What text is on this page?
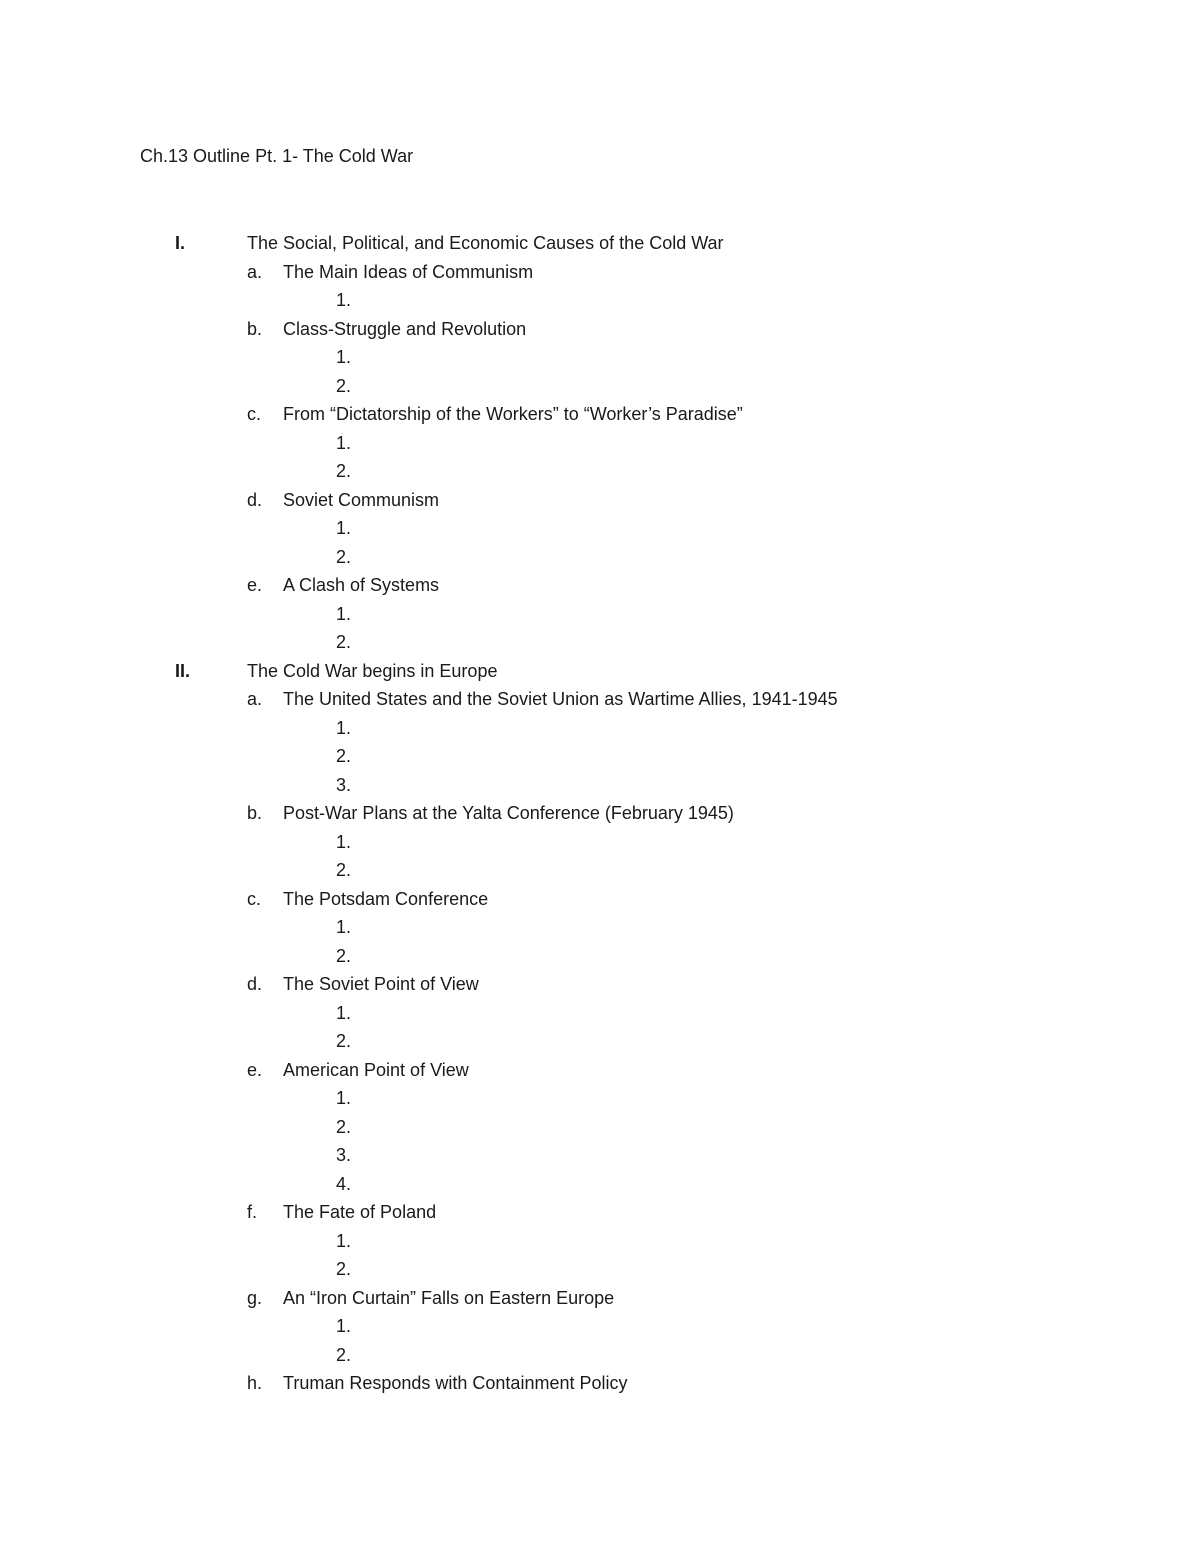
Ch.13 Outline Pt. 1- The Cold War
I.	The Social, Political, and Economic Causes of the Cold War
a. The Main Ideas of Communism
1.
b. Class-Struggle and Revolution
1.
2.
c. From “Dictatorship of the Workers” to “Worker’s Paradise”
1.
2.
d. Soviet Communism
1.
2.
e. A Clash of Systems
1.
2.
II.	The Cold War begins in Europe
a. The United States and the Soviet Union as Wartime Allies, 1941-1945
1.
2.
3.
b. Post-War Plans at the Yalta Conference (February 1945)
1.
2.
c. The Potsdam Conference
1.
2.
d. The Soviet Point of View
1.
2.
e. American Point of View
1.
2.
3.
4.
f. The Fate of Poland
1.
2.
g. An “Iron Curtain” Falls on Eastern Europe
1.
2.
h. Truman Responds with Containment Policy
